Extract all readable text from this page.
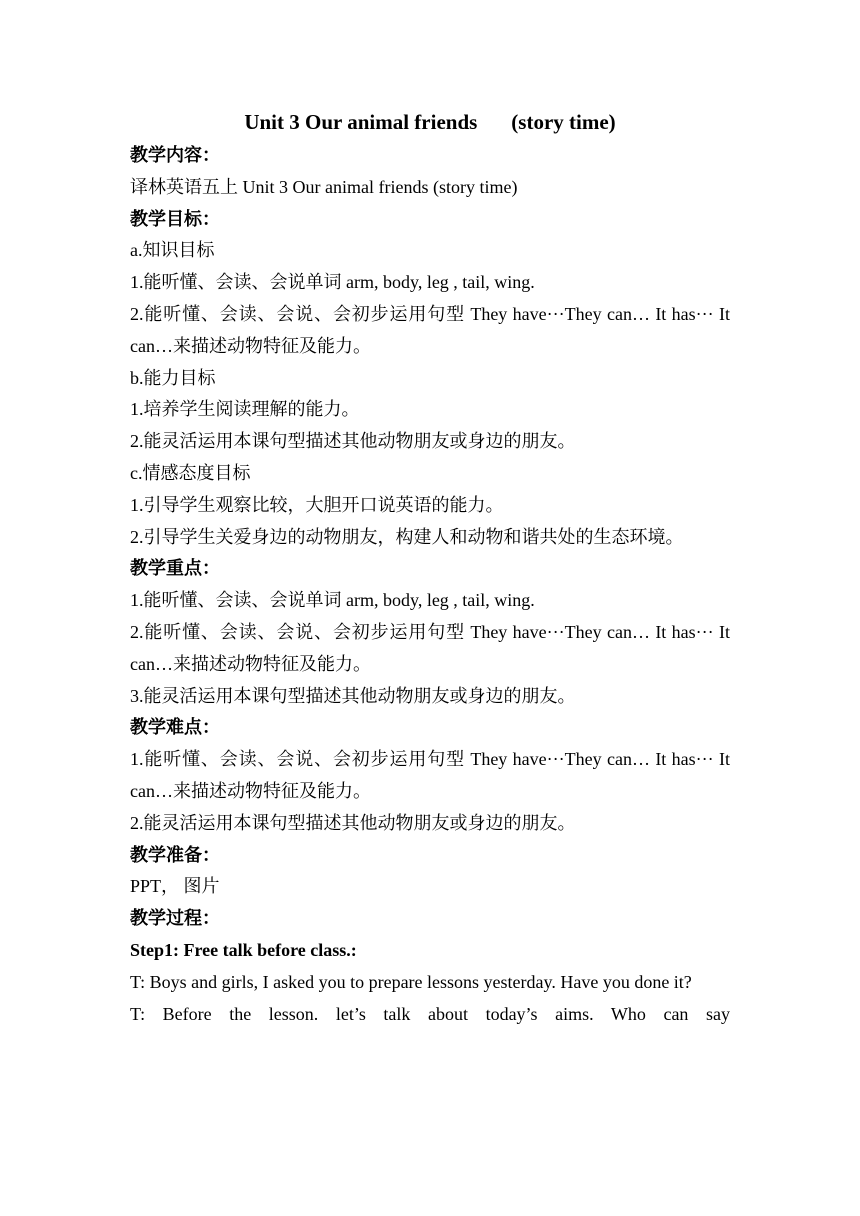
Unit 3 Our animal friends (story time)

教学内容：

译林英语五上 Unit 3 Our animal friends (story time)

教学目标：

a.知识目标

1.能听懂、会读、会说单词 arm, body, leg , tail, wing.

2.能听懂、会读、会说、会初步运用句型 They have···They can… It has··· It can…来描述动物特征及能力。

b.能力目标

1.培养学生阅读理解的能力。

2.能灵活运用本课句型描述其他动物朋友或身边的朋友。

c.情感态度目标

1.引导学生观察比较，大胆开口说英语的能力。

2.引导学生关爱身边的动物朋友，构建人和动物和谐共处的生态环境。

教学重点：

1.能听懂、会读、会说单词 arm, body, leg , tail, wing.

2.能听懂、会读、会说、会初步运用句型 They have···They can… It has··· It can…来描述动物特征及能力。

3.能灵活运用本课句型描述其他动物朋友或身边的朋友。

教学难点：

1.能听懂、会读、会说、会初步运用句型 They have···They can… It has··· It can…来描述动物特征及能力。

2.能灵活运用本课句型描述其他动物朋友或身边的朋友。

教学准备：

PPT， 图片

教学过程：

Step1: Free talk before class.:

T: Boys and girls, I asked you to prepare lessons yesterday. Have you done it?

T: Before the lesson. let’s talk about today’s aims. Who can say
